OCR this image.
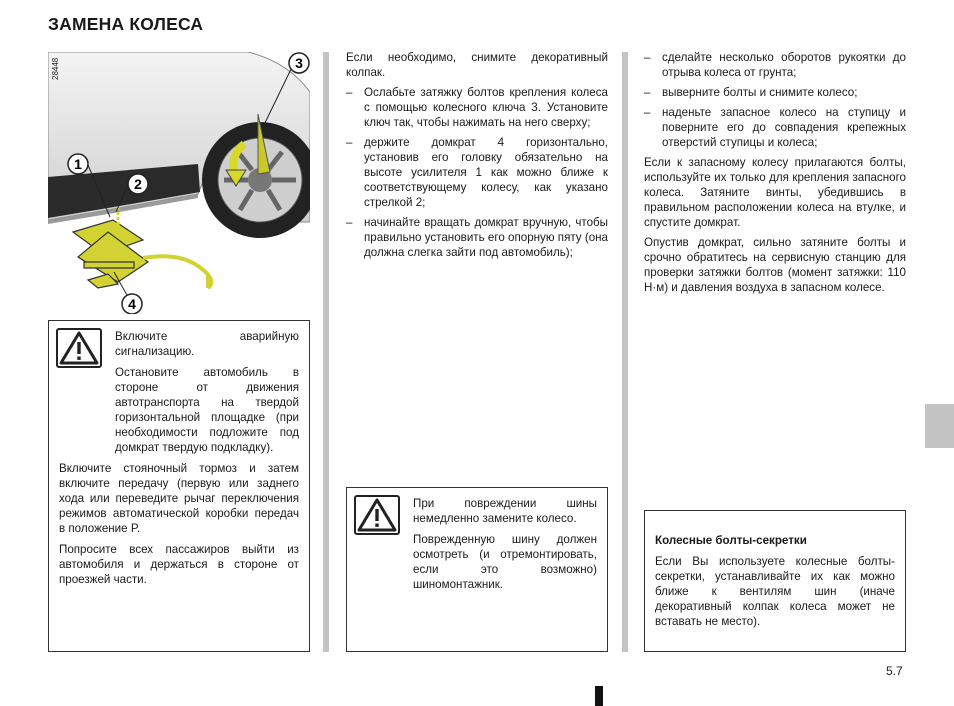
ЗАМЕНА КОЛЕСА
28448
1
2
3
4

Включите аварийную сигнализацию.

Остановите автомобиль в стороне от движения автотранспорта на твердой горизонтальной площадке (при необходимости подложите под домкрат твердую подкладку).

Включите стояночный тормоз и затем включите передачу (первую или заднего хода или переведите рычаг переключения режимов автоматической коробки передач в положение P.

Попросите всех пассажиров выйти из автомобиля и держаться в стороне от проезжей части.

Если необходимо, снимите декоративный колпак.

– Ослабьте затяжку болтов крепления колеса с помощью колесного ключа 3. Установите ключ так, чтобы нажимать на него сверху;

– держите домкрат 4 горизонтально, установив его головку обязательно на высоте усилителя 1 как можно ближе к соответствующему колесу, как указано стрелкой 2;

– начинайте вращать домкрат вручную, чтобы правильно установить его опорную пяту (она должна слегка зайти под автомобиль);

При повреждении шины немедленно замените колесо.

Поврежденную шину должен осмотреть (и отремонтировать, если это возможно) шиномонтажник.

– сделайте несколько оборотов рукоятки до отрыва колеса от грунта;

– выверните болты и снимите колесо;

– наденьте запасное колесо на ступицу и поверните его до совпадения крепежных отверстий ступицы и колеса;

Если к запасному колесу прилагаются болты, используйте их только для крепления запасного колеса. Затяните винты, убедившись в правильном расположении колеса на втулке, и спустите домкрат.

Опустив домкрат, сильно затяните болты и срочно обратитесь на сервисную станцию для проверки затяжки болтов (момент затяжки: 110 Н·м) и давления воздуха в запасном колесе.

Колесные болты-секретки

Если Вы используете колесные болты-секретки, устанавливайте их как можно ближе к вентилям шин (иначе декоративный колпак колеса может не вставать не место).

5.7
